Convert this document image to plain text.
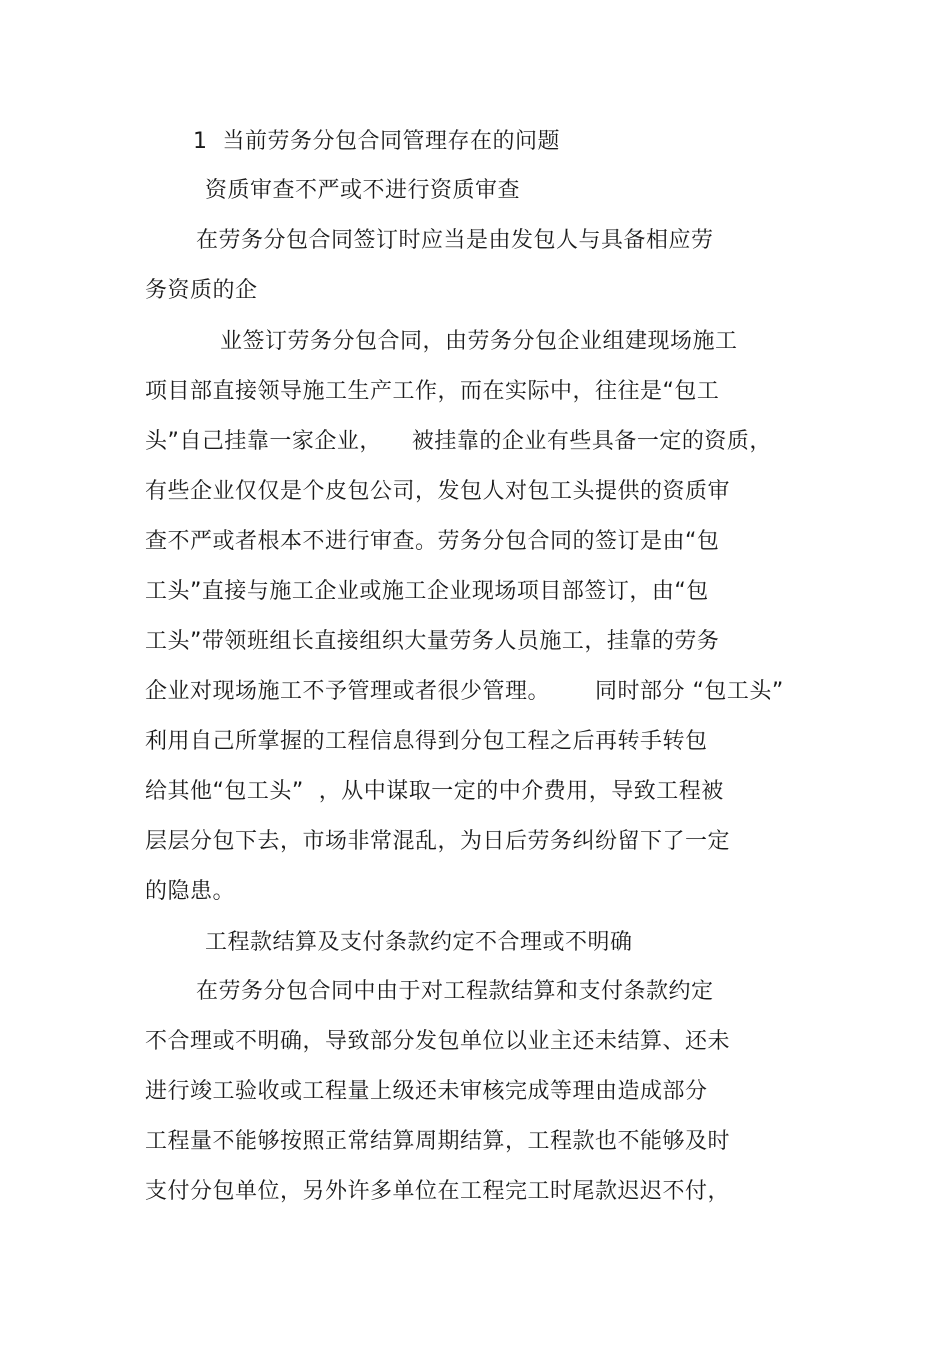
1  当前劳务分包合同管理存在的问题
资质审查不严或不进行资质审查
在劳务分包合同签订时应当是由发包人与具备相应劳
务资质的企
业签订劳务分包合同，由劳务分包企业组建现场施工
项目部直接领导施工生产工作，而在实际中，往往是“包工
头”自己挂靠一家企业，    被挂靠的企业有些具备一定的资质，
有些企业仅仅是个皮包公司，发包人对包工头提供的资质审
查不严或者根本不进行审查。劳务分包合同的签订是由“包
工头”直接与施工企业或施工企业现场项目部签订，由“包
工头”带领班组长直接组织大量劳务人员施工，挂靠的劳务
企业对现场施工不予管理或者很少管理。      同时部分 “包工头”
利用自己所掌握的工程信息得到分包工程之后再转手转包
给其他“包工头”  ，从中谋取一定的中介费用，导致工程被
层层分包下去，市场非常混乱，为日后劳务纠纷留下了一定
的隐患。
工程款结算及支付条款约定不合理或不明确
在劳务分包合同中由于对工程款结算和支付条款约定
不合理或不明确，导致部分发包单位以业主还未结算、还未
进行竣工验收或工程量上级还未审核完成等理由造成部分
工程量不能够按照正常结算周期结算，工程款也不能够及时
支付分包单位，另外许多单位在工程完工时尾款迟迟不付，
